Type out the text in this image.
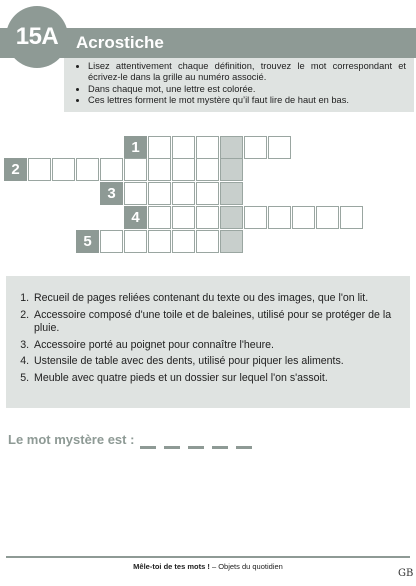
15A Acrostiche
• Lisez attentivement chaque définition, trouvez le mot correspondant et écrivez-le dans la grille au numéro associé.
• Dans chaque mot, une lettre est colorée.
• Ces lettres forment le mot mystère qu’il faut lire de haut en bas.
1
2
3
4
5
1. Recueil de pages reliées contenant du texte ou des images, que l'on lit.
2. Accessoire composé d'une toile et de baleines, utilisé pour se protéger de la pluie.
3. Accessoire porté au poignet pour connaître l'heure.
4. Ustensile de table avec des dents, utilisé pour piquer les aliments.
5. Meuble avec quatre pieds et un dossier sur lequel l'on s'assoit.
Le mot mystère est :
Mêle-toi de tes mots ! – Objets du quotidien
GB
